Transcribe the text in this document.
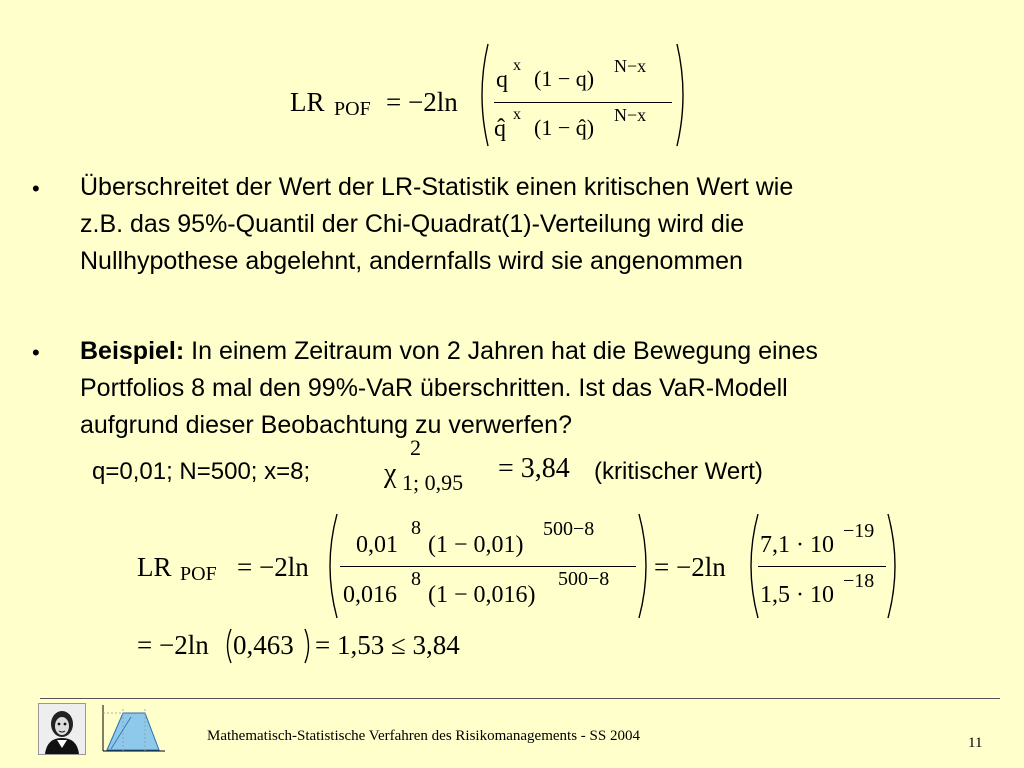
LR POF = −2ln
q
x
(1 − q) N−x
q̂
x
(1 − q̂) N−x
• Überschreitet der Wert der LR-Statistik einen kritischen Wert wie
z.B. das 95%-Quantil der Chi-Quadrat(1)-Verteilung wird die
Nullhypothese abgelehnt, andernfalls wird sie angenommen
• Beispiel: In einem Zeitraum von 2 Jahren hat die Bewegung eines
Portfolios 8 mal den 99%-VaR überschritten. Ist das VaR-Modell
aufgrund dieser Beobachtung zu verwerfen?
q=0,01; N=500; x=8;	χ
2
1; 0,95 = 3,84 (kritischer Wert)
LR POF = −2ln
0,01
8
(1 − 0,01)
500−8
0,016
8
(1 − 0,016)
500−8 = −2ln
7,1 · 10
−19
1,5 · 10
−18
= −2ln 0,463 = 1,53 ≤ 3,84
Mathematisch-Statistische Verfahren des Risikomanagements - SS 2004	11
